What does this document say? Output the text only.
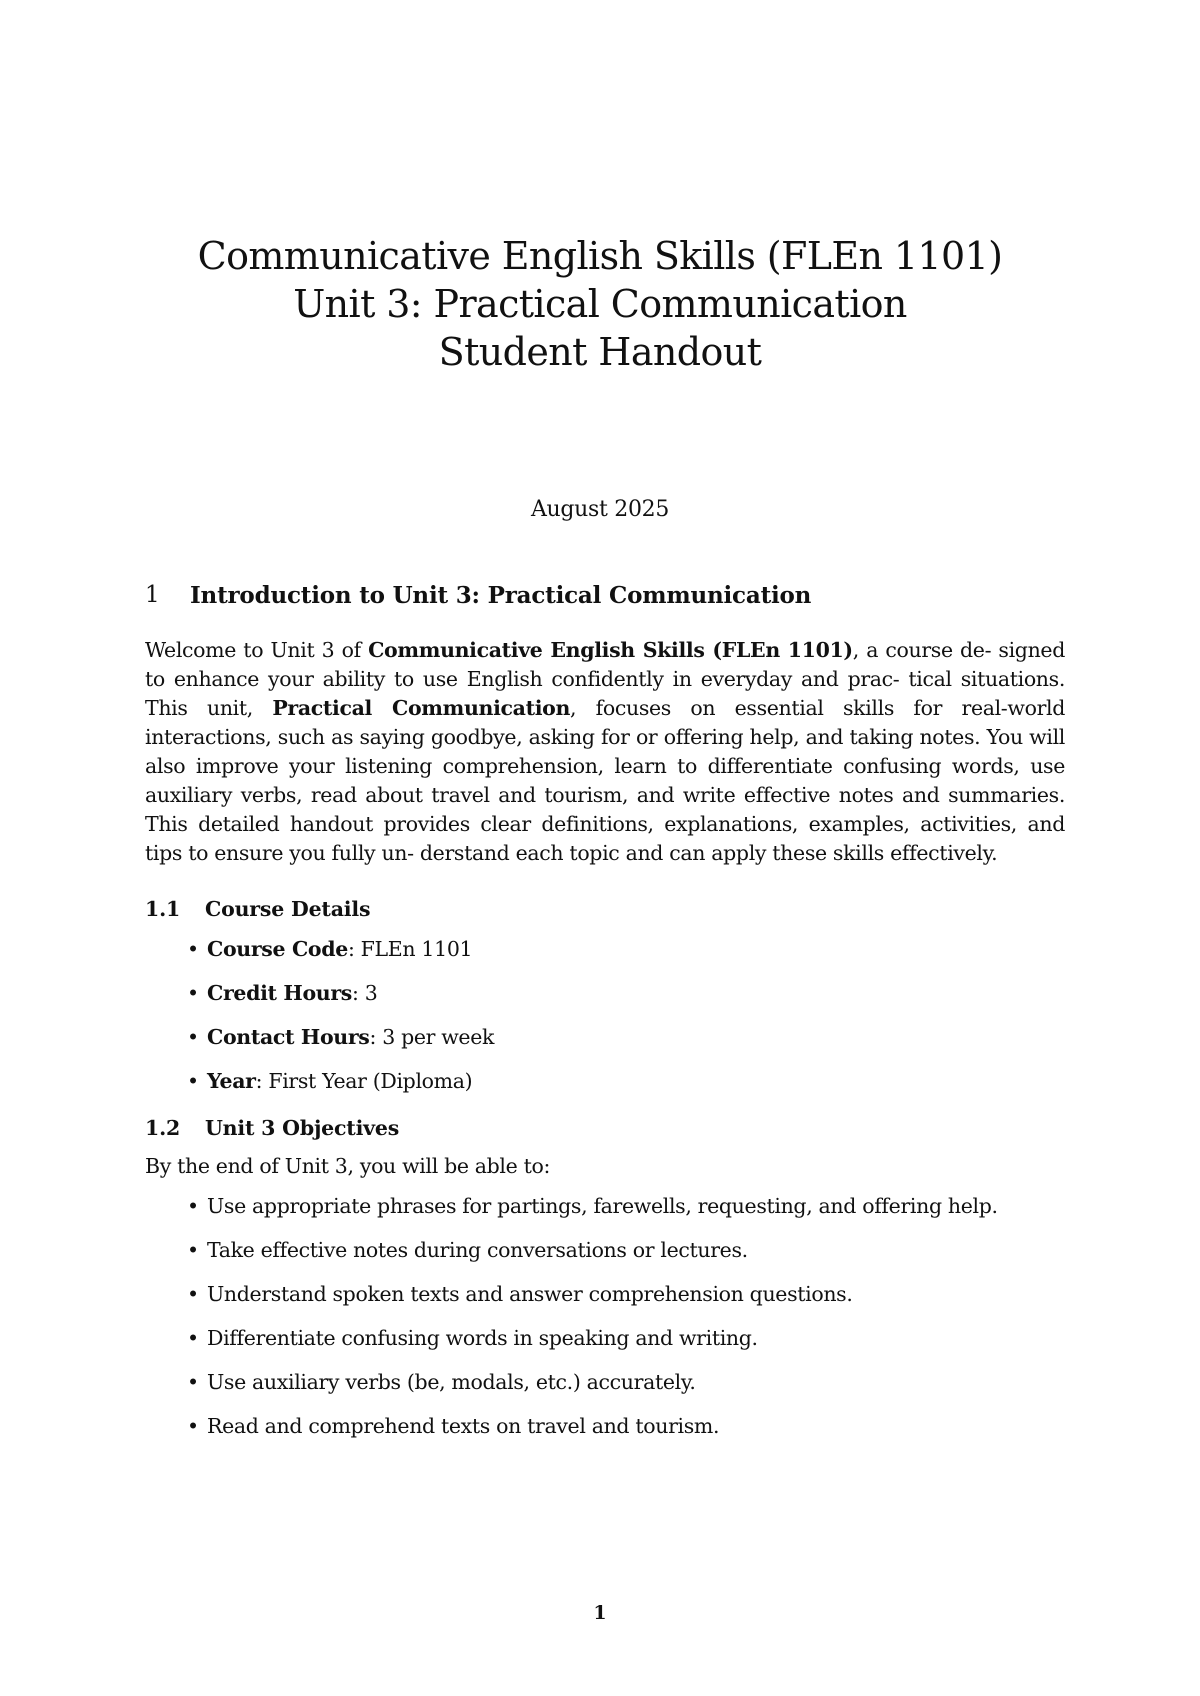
Communicative English Skills (FLEn 1101)
Unit 3: Practical Communication
Student Handout
August 2025
1	Introduction to Unit 3: Practical Communication
Welcome to Unit 3 of Communicative English Skills (FLEn 1101), a course de- signed to enhance your ability to use English confidently in everyday and prac- tical situations. This unit, Practical Communication, focuses on essential skills for real-world interactions, such as saying goodbye, asking for or offering help, and taking notes. You will also improve your listening comprehension, learn to differentiate confusing words, use auxiliary verbs, read about travel and tourism, and write effective notes and summaries. This detailed handout provides clear definitions, explanations, examples, activities, and tips to ensure you fully un- derstand each topic and can apply these skills effectively.
1.1	Course Details
• Course Code: FLEn 1101
• Credit Hours: 3
• Contact Hours: 3 per week
• Year: First Year (Diploma)
1.2	Unit 3 Objectives
By the end of Unit 3, you will be able to:
• Use appropriate phrases for partings, farewells, requesting, and offering help.
• Take effective notes during conversations or lectures.
• Understand spoken texts and answer comprehension questions.
• Differentiate confusing words in speaking and writing.
• Use auxiliary verbs (be, modals, etc.) accurately.
• Read and comprehend texts on travel and tourism.
1
